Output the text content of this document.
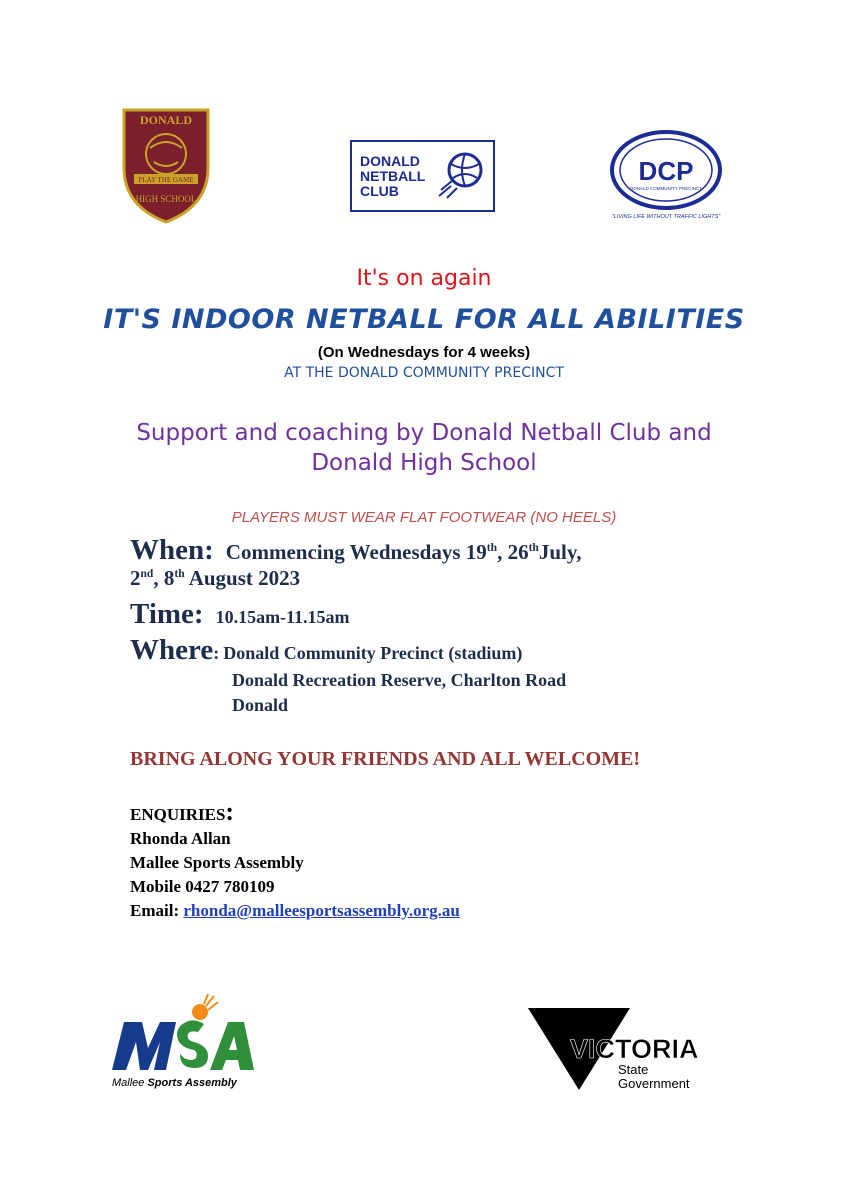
DONALD
PLAY THE GAME
HIGH SCHOOL
DONALD
NETBALL
CLUB
DCP
DONALD COMMUNITY PRECINCT
"LIVING LIFE WITHOUT TRAFFIC LIGHTS"
It's on again
IT'S INDOOR NETBALL FOR ALL ABILITIES
(On Wednesdays for 4 weeks)
AT THE DONALD COMMUNITY PRECINCT
Support and coaching by Donald Netball Club and
Donald High School
PLAYERS MUST WEAR FLAT FOOTWEAR (NO HEELS)
When: Commencing Wednesdays 19th, 26thJuly,
2nd, 8th August 2023
Time: 10.15am-11.15am
Where: Donald Community Precinct (stadium)
Donald Recreation Reserve, Charlton Road
Donald
BRING ALONG YOUR FRIENDS AND ALL WELCOME!
ENQUIRIES:
Rhonda Allan
Mallee Sports Assembly
Mobile 0427 780109
Email: rhonda@malleesportsassembly.org.au
Mallee Sports Assembly
VICTORIA
State
Government
